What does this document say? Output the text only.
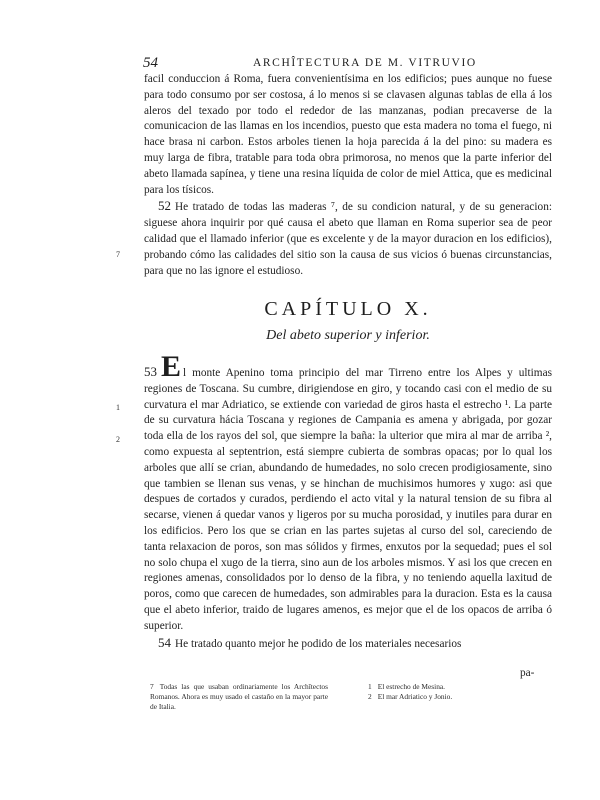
54	ARCHÎTECTURA DE M. VITRUVIO

facil conduccion á Roma, fuera convenientísima en los edificios; pues aunque no fuese para todo consumo por ser costosa, á lo menos si se clavasen algunas tablas de ella á los aleros del texado por todo el rededor de las manzanas, podian precaverse de la comunicacion de las llamas en los incendios, puesto que esta madera no toma el fuego, ni hace brasa ni carbon. Estos arboles tienen la hoja parecida á la del pino: su madera es muy larga de fibra, tratable para toda obra primorosa, no menos que la parte inferior del abeto llamada sapínea, y tiene una resina líquida de color de miel Attica, que es medicinal para los tísicos.

52 He tratado de todas las maderas ⁷, de su condicion natural, y de su generacion: siguese ahora inquirir por qué causa el abeto que llaman en Roma superior sea de peor calidad que el llamado inferior (que es excelente y de la mayor duracion en los edificios), probando cómo las calidades del sitio son la causa de sus vicios ó buenas circunstancias, para que no las ignore el estudioso.

7
CAPÍTULO X.
Del abeto superior y inferior.

53 E l monte Apenino toma principio del mar Tirreno entre los Alpes y ultimas regiones de Toscana. Su cumbre, dirigiendose en giro, y tocando casi con el medio de su curvatura el mar Adriatico, se extiende con variedad de giros hasta el estrecho ¹. La parte de su curvatura hácia Toscana y regiones de Campania es amena y abrigada, por gozar toda ella de los rayos del sol, que siempre la baña: la ulterior que mira al mar de arriba ², como expuesta al septentrion, está siempre cubierta de sombras opacas; por lo qual los arboles que allí se crian, abundando de humedades, no solo crecen prodigiosamente, sino que tambien se llenan sus venas, y se hinchan de muchisimos humores y xugo: asi que despues de cortados y curados, perdiendo el acto vital y la natural tension de su fibra al secarse, vienen á quedar vanos y ligeros por su mucha porosidad, y inutiles para durar en los edificios. Pero los que se crian en las partes sujetas al curso del sol, careciendo de tanta relaxacion de poros, son mas sólidos y firmes, enxutos por la sequedad; pues el sol no solo chupa el xugo de la tierra, sino aun de los arboles mismos. Y asi los que crecen en regiones amenas, consolidados por lo denso de la fibra, y no teniendo aquella laxitud de poros, como que carecen de humedades, son admirables para la duracion. Esta es la causa que el abeto inferior, traido de lugares amenos, es mejor que el de los opacos de arriba ó superior.

54 He tratado quanto mejor he podido de los materiales necesarios

1
2
pa-
7 Todas las que usaban ordinariamente los Archîtectos Romanos. Ahora es muy usado el castaño en la mayor parte de Italia.
1 El estrecho de Mesina.
2 El mar Adriatico y Jonio.
